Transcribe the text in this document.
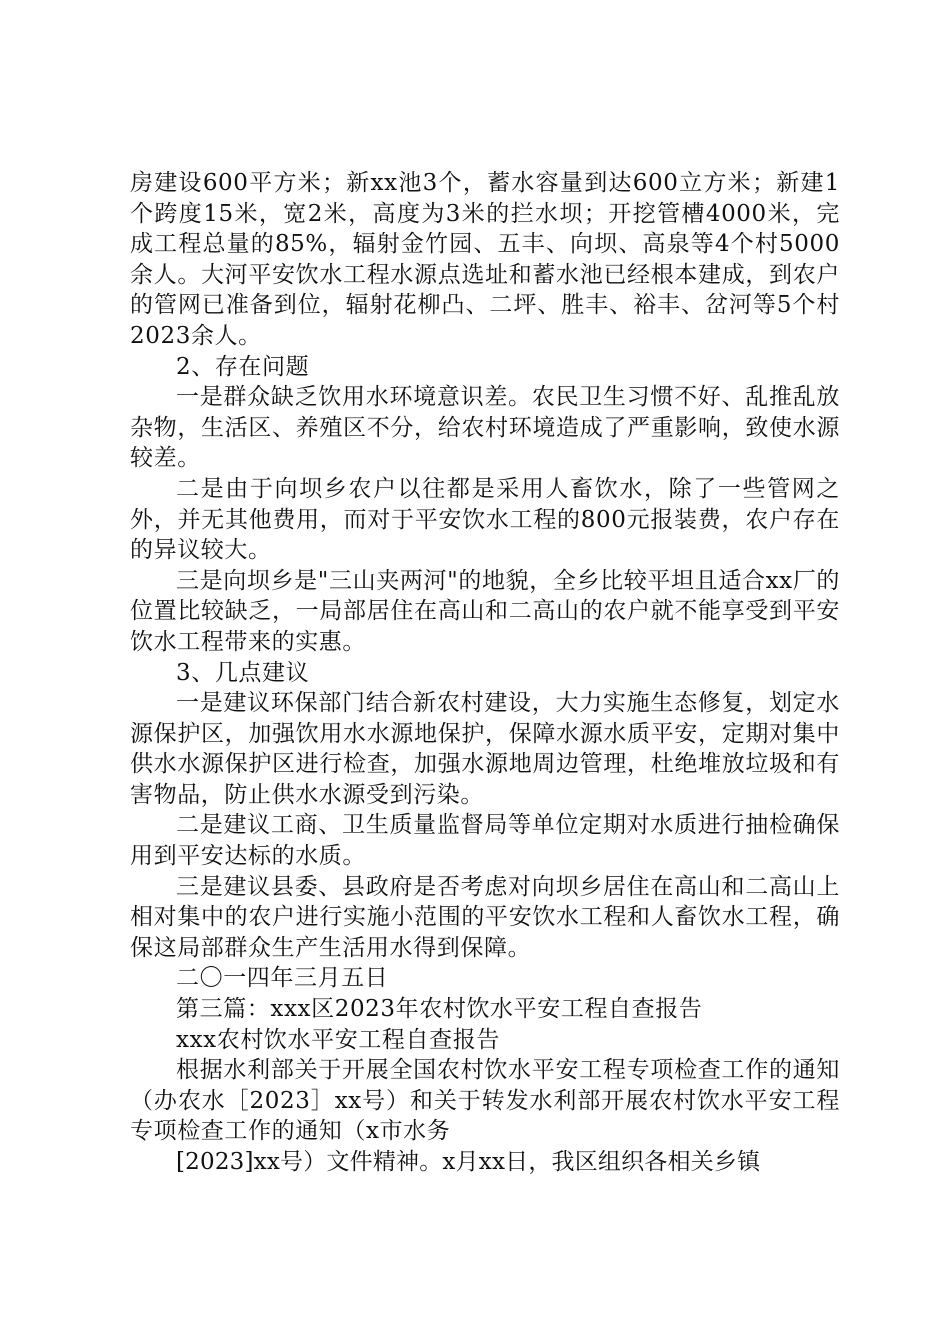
房建设600平方米；新xx池3个，蓄水容量到达600立方米；新建1个跨度15米，宽2米，高度为3米的拦水坝；开挖管槽4000米，完成工程总量的85%，辐射金竹园、五丰、向坝、高泉等4个村5000余人。大河平安饮水工程水源点选址和蓄水池已经根本建成，到农户的管网已准备到位，辐射花柳凸、二坪、胜丰、裕丰、岔河等5个村2023余人。

2、存在问题

一是群众缺乏饮用水环境意识差。农民卫生习惯不好、乱推乱放杂物，生活区、养殖区不分，给农村环境造成了严重影响，致使水源较差。

二是由于向坝乡农户以往都是采用人畜饮水，除了一些管网之外，并无其他费用，而对于平安饮水工程的800元报装费，农户存在的异议较大。

三是向坝乡是"三山夹两河"的地貌，全乡比较平坦且适合xx厂的位置比较缺乏，一局部居住在高山和二高山的农户就不能享受到平安饮水工程带来的实惠。

3、几点建议

一是建议环保部门结合新农村建设，大力实施生态修复，划定水源保护区，加强饮用水水源地保护，保障水源水质平安，定期对集中供水水源保护区进行检查，加强水源地周边管理，杜绝堆放垃圾和有害物品，防止供水水源受到污染。

二是建议工商、卫生质量监督局等单位定期对水质进行抽检确保用到平安达标的水质。

三是建议县委、县政府是否考虑对向坝乡居住在高山和二高山上相对集中的农户进行实施小范围的平安饮水工程和人畜饮水工程，确保这局部群众生产生活用水得到保障。

二〇一四年三月五日

第三篇：xxx区2023年农村饮水平安工程自查报告

xxx农村饮水平安工程自查报告

根据水利部关于开展全国农村饮水平安工程专项检查工作的通知（办农水［2023］xx号）和关于转发水利部开展农村饮水平安工程专项检查工作的通知（x市水务

[2023]xx号）文件精神。x月xx日，我区组织各相关乡镇
